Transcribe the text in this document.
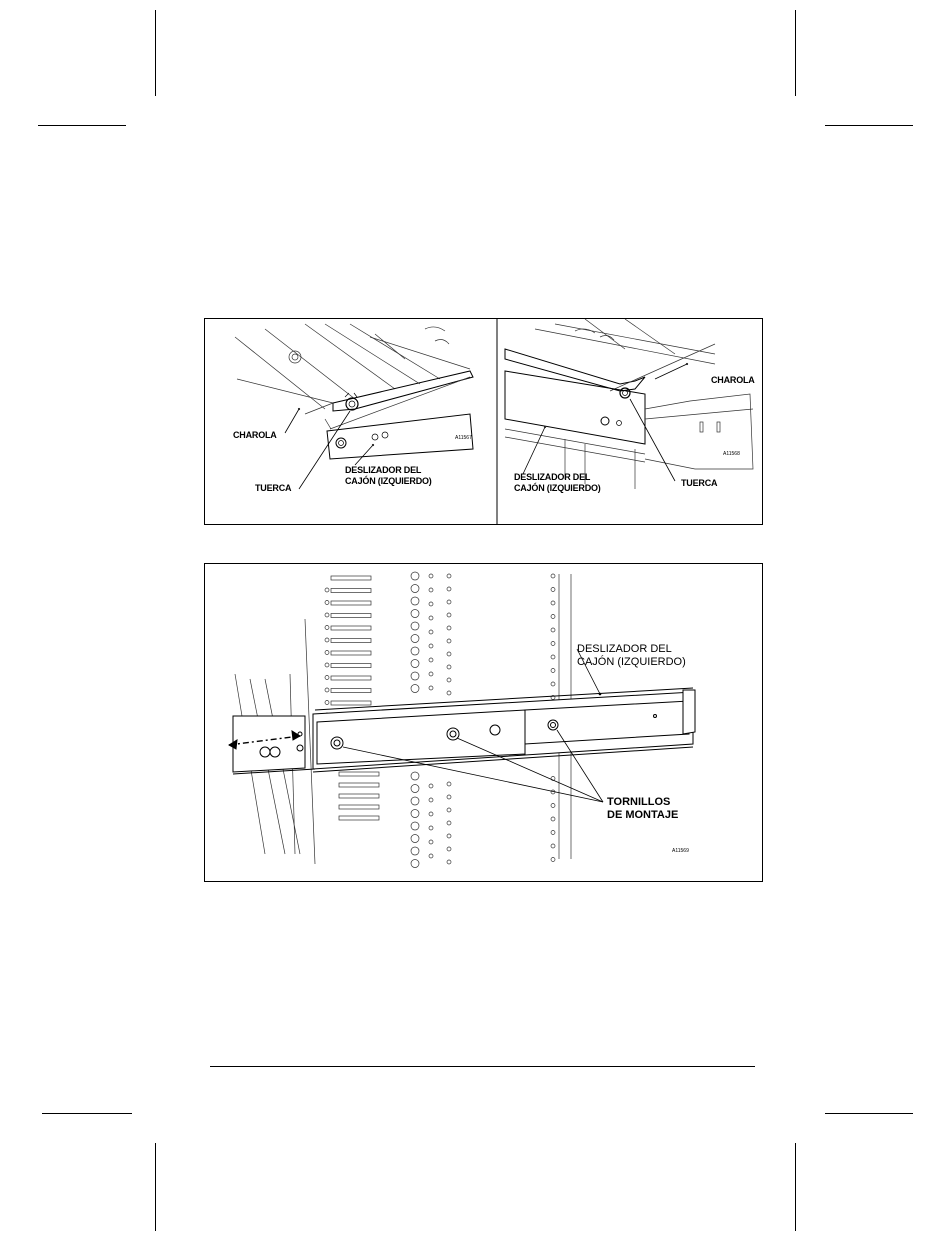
CHAROLA
TUERCA
DESLIZADOR DEL
CAJÓN (IZQUIERDO)
A11567
CHAROLA
TUERCA
DESLIZADOR DEL
CAJÓN (IZQUIERDO)
A11568
DESLIZADOR DEL
CAJÓN (IZQUIERDO)
TORNILLOS
DE MONTAJE
A11569
